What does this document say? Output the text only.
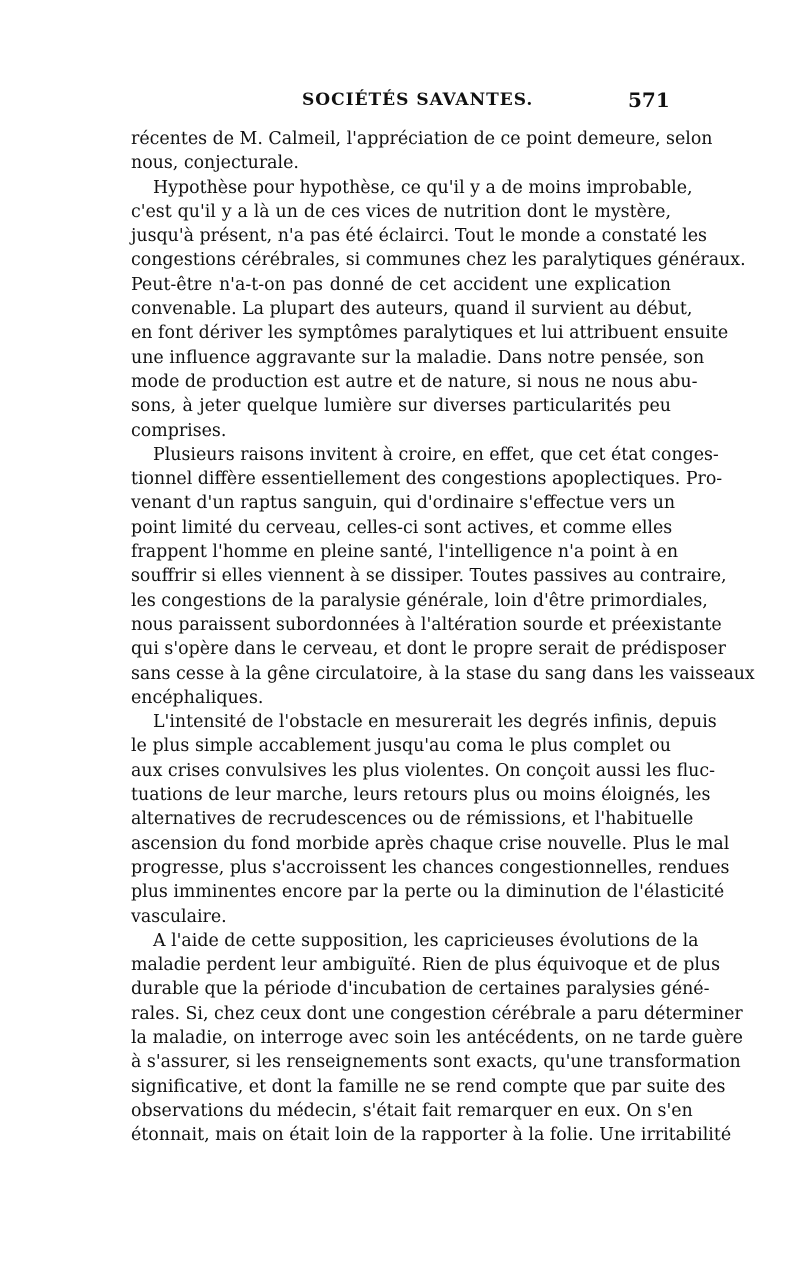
SOCIÉTÉS SAVANTES.	571
récentes de M. Calmeil, l'appréciation de ce point demeure, selon
nous, conjecturale.
Hypothèse pour hypothèse, ce qu'il y a de moins improbable,
c'est qu'il y a là un de ces vices de nutrition dont le mystère,
jusqu'à présent, n'a pas été éclairci. Tout le monde a constaté les
congestions cérébrales, si communes chez les paralytiques généraux.
Peut-être n'a-t-on pas donné de cet accident une explication
convenable. La plupart des auteurs, quand il survient au début,
en font dériver les symptômes paralytiques et lui attribuent ensuite
une influence aggravante sur la maladie. Dans notre pensée, son
mode de production est autre et de nature, si nous ne nous abu-
sons, à jeter quelque lumière sur diverses particularités peu
comprises.
Plusieurs raisons invitent à croire, en effet, que cet état conges-
tionnel diffère essentiellement des congestions apoplectiques. Pro-
venant d'un raptus sanguin, qui d'ordinaire s'effectue vers un
point limité du cerveau, celles-ci sont actives, et comme elles
frappent l'homme en pleine santé, l'intelligence n'a point à en
souffrir si elles viennent à se dissiper. Toutes passives au contraire,
les congestions de la paralysie générale, loin d'être primordiales,
nous paraissent subordonnées à l'altération sourde et préexistante
qui s'opère dans le cerveau, et dont le propre serait de prédisposer
sans cesse à la gêne circulatoire, à la stase du sang dans les vaisseaux
encéphaliques.
L'intensité de l'obstacle en mesurerait les degrés infinis, depuis
le plus simple accablement jusqu'au coma le plus complet ou
aux crises convulsives les plus violentes. On conçoit aussi les fluc-
tuations de leur marche, leurs retours plus ou moins éloignés, les
alternatives de recrudescences ou de rémissions, et l'habituelle
ascension du fond morbide après chaque crise nouvelle. Plus le mal
progresse, plus s'accroissent les chances congestionnelles, rendues
plus imminentes encore par la perte ou la diminution de l'élasticité
vasculaire.
A l'aide de cette supposition, les capricieuses évolutions de la
maladie perdent leur ambiguïté. Rien de plus équivoque et de plus
durable que la période d'incubation de certaines paralysies géné-
rales. Si, chez ceux dont une congestion cérébrale a paru déterminer
la maladie, on interroge avec soin les antécédents, on ne tarde guère
à s'assurer, si les renseignements sont exacts, qu'une transformation
significative, et dont la famille ne se rend compte que par suite des
observations du médecin, s'était fait remarquer en eux. On s'en
étonnait, mais on était loin de la rapporter à la folie. Une irritabilité
